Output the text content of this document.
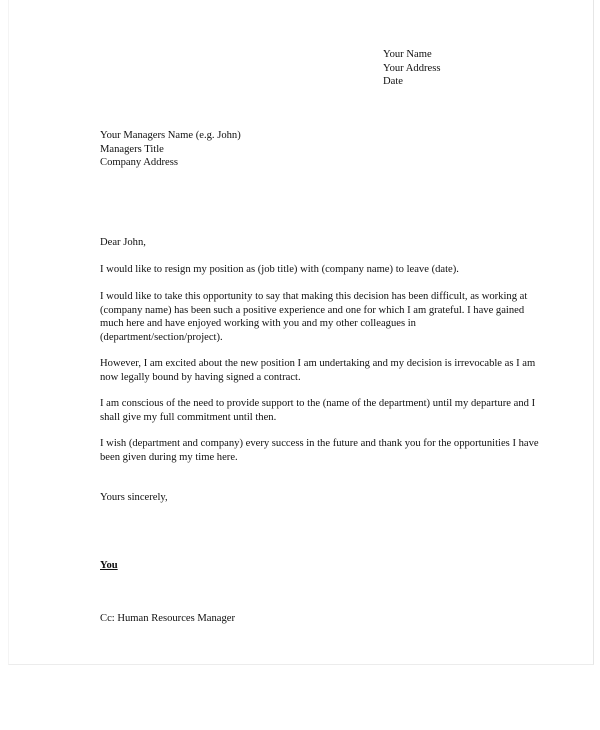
Your Name
Your Address
Date
Your Managers Name (e.g. John)
Managers Title
Company Address
Dear John,
I would like to resign my position as (job title) with (company name) to leave (date).
I would like to take this opportunity to say that making this decision has been difficult, as working at
(company name) has been such a positive experience and one for which I am grateful. I have gained
much here and have enjoyed working with you and my other colleagues in
(department/section/project).
However, I am excited about the new position I am undertaking and my decision is irrevocable as I am
now legally bound by having signed a contract.
I am conscious of the need to provide support to the (name of the department) until my departure and I
shall give my full commitment until then.
I wish (department and company) every success in the future and thank you for the opportunities I have
been given during my time here.
Yours sincerely,
You
Cc: Human Resources Manager
